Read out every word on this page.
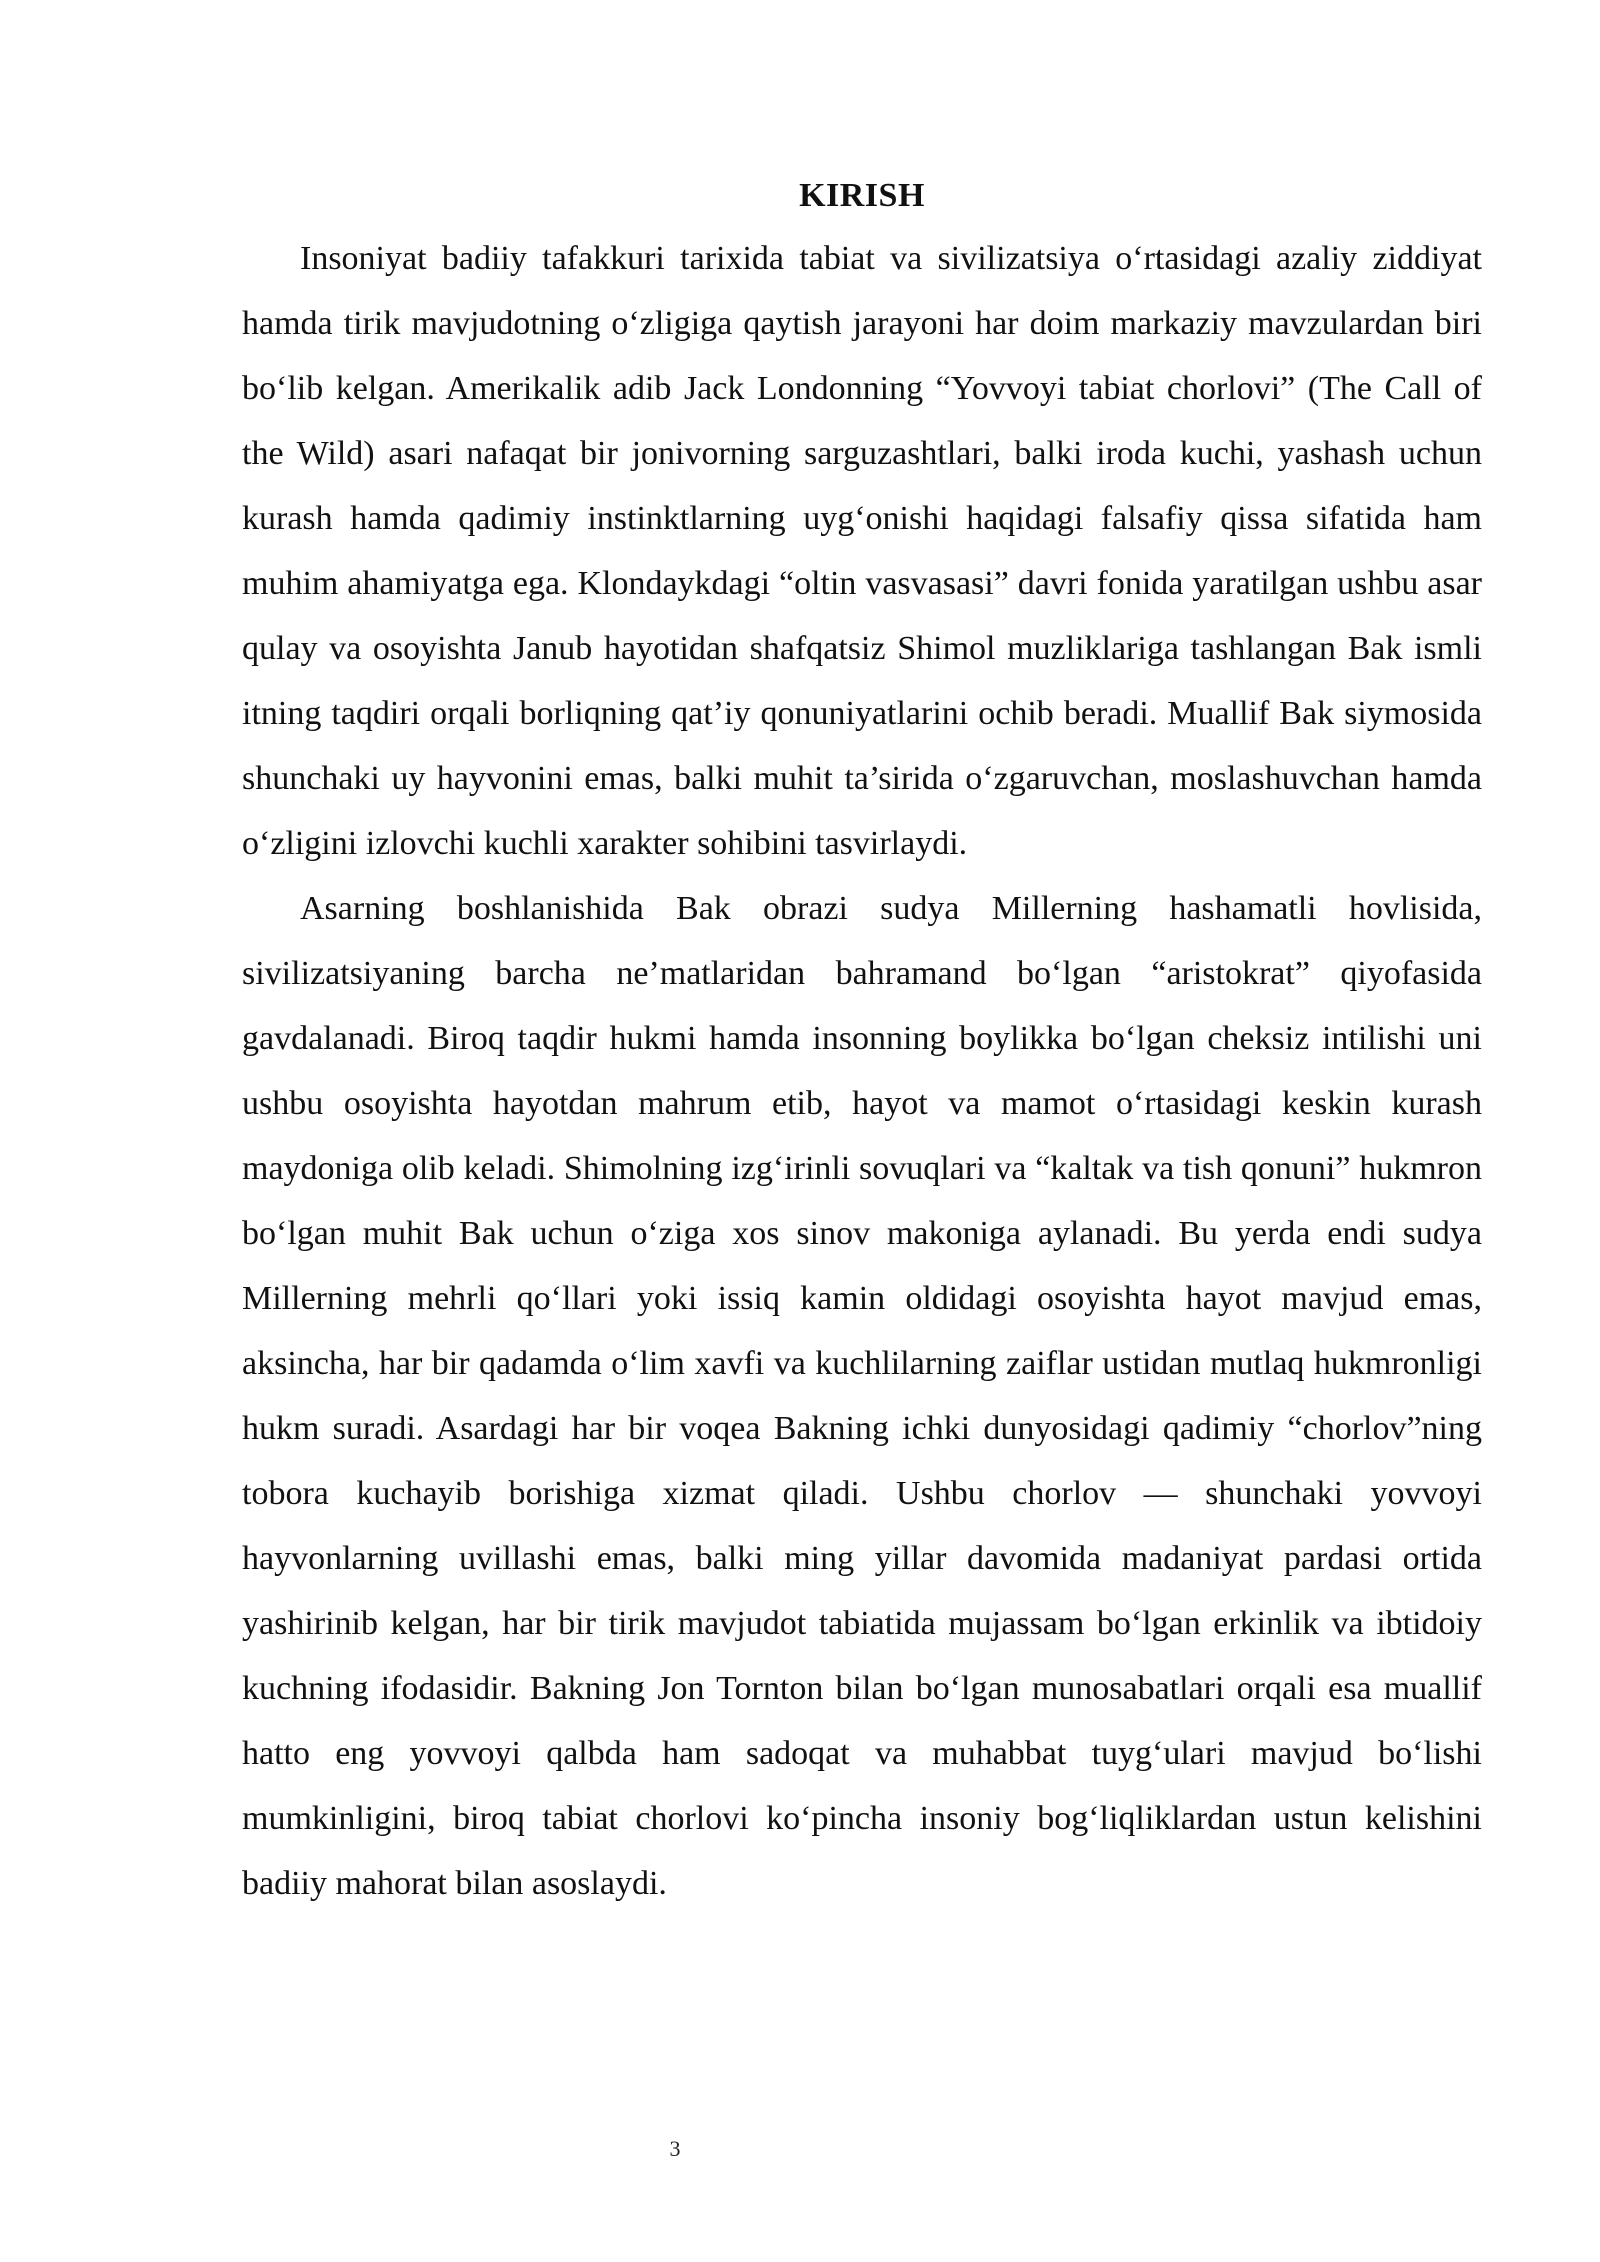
KIRISH

Insoniyat badiiy tafakkuri tarixida tabiat va sivilizatsiya o‘rtasidagi azaliy ziddiyat hamda tirik mavjudotning o‘zligiga qaytish jarayoni har doim markaziy mavzulardan biri bo‘lib kelgan. Amerikalik adib Jack Londonning “Yovvoyi tabiat chorlovi” (The Call of the Wild) asari nafaqat bir jonivorning sarguzashtlari, balki iroda kuchi, yashash uchun kurash hamda qadimiy instinktlarning uyg‘onishi haqidagi falsafiy qissa sifatida ham muhim ahamiyatga ega. Klondaykdagi “oltin vasvasasi” davri fonida yaratilgan ushbu asar qulay va osoyishta Janub hayotidan shafqatsiz Shimol muzliklariga tashlangan Bak ismli itning taqdiri orqali borliqning qat’iy qonuniyatlarini ochib beradi. Muallif Bak siymosida shunchaki uy hayvonini emas, balki muhit ta’sirida o‘zgaruvchan, moslashuvchan hamda o‘zligini izlovchi kuchli xarakter sohibini tasvirlaydi.

Asarning boshlanishida Bak obrazi sudya Millerning hashamatli hovlisida, sivilizatsiyaning barcha ne’matlaridan bahramand bo‘lgan “aristokrat” qiyofasida gavdalanadi. Biroq taqdir hukmi hamda insonning boylikka bo‘lgan cheksiz intilishi uni ushbu osoyishta hayotdan mahrum etib, hayot va mamot o‘rtasidagi keskin kurash maydoniga olib keladi. Shimolning izg‘irinli sovuqlari va “kaltak va tish qonuni” hukmron bo‘lgan muhit Bak uchun o‘ziga xos sinov makoniga aylanadi. Bu yerda endi sudya Millerning mehrli qo‘llari yoki issiq kamin oldidagi osoyishta hayot mavjud emas, aksincha, har bir qadamda o‘lim xavfi va kuchlilarning zaiflar ustidan mutlaq hukmronligi hukm suradi. Asardagi har bir voqea Bakning ichki dunyosidagi qadimiy “chorlov”ning tobora kuchayib borishiga xizmat qiladi. Ushbu chorlov — shunchaki yovvoyi hayvonlarning uvillashi emas, balki ming yillar davomida madaniyat pardasi ortida yashirinib kelgan, har bir tirik mavjudot tabiatida mujassam bo‘lgan erkinlik va ibtidoiy kuchning ifodasidir. Bakning Jon Tornton bilan bo‘lgan munosabatlari orqali esa muallif hatto eng yovvoyi qalbda ham sadoqat va muhabbat tuyg‘ulari mavjud bo‘lishi mumkinligini, biroq tabiat chorlovi ko‘pincha insoniy bog‘liqliklardan ustun kelishini badiiy mahorat bilan asoslaydi.

3
